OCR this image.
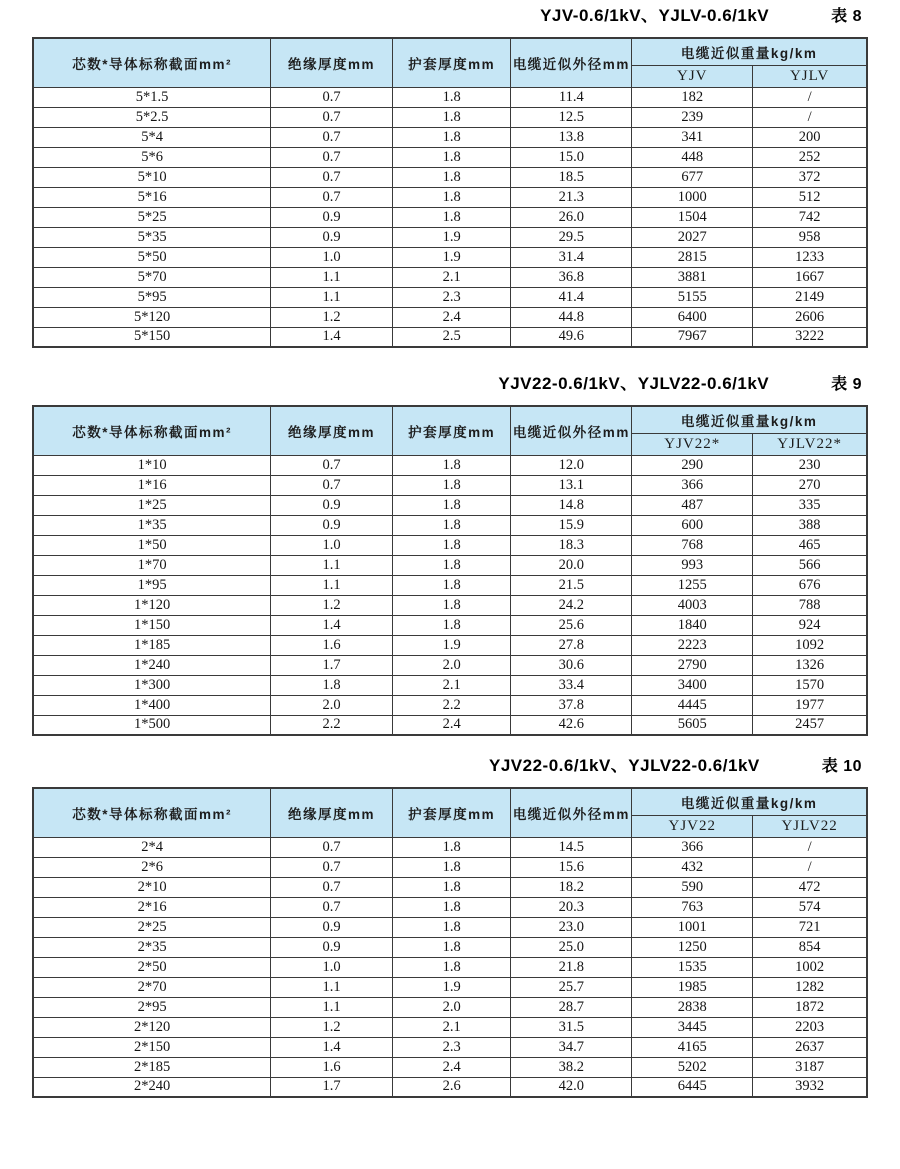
YJV-0.6/1kV、YJLV-0.6/1kV	表 8
芯数*导体标称截面mm²	绝缘厚度mm	护套厚度mm	电缆近似外径mm	电缆近似重量kg/km	
				YJV	YJLV
5*1.5	0.7	1.8	11.4	182	/
5*2.5	0.7	1.8	12.5	239	/
5*4	0.7	1.8	13.8	341	200
5*6	0.7	1.8	15.0	448	252
5*10	0.7	1.8	18.5	677	372
5*16	0.7	1.8	21.3	1000	512
5*25	0.9	1.8	26.0	1504	742
5*35	0.9	1.9	29.5	2027	958
5*50	1.0	1.9	31.4	2815	1233
5*70	1.1	2.1	36.8	3881	1667
5*95	1.1	2.3	41.4	5155	2149
5*120	1.2	2.4	44.8	6400	2606
5*150	1.4	2.5	49.6	7967	3222
YJV22-0.6/1kV、YJLV22-0.6/1kV	表 9
芯数*导体标称截面mm²	绝缘厚度mm	护套厚度mm	电缆近似外径mm	电缆近似重量kg/km	
				YJV22*	YJLV22*
1*10	0.7	1.8	12.0	290	230
1*16	0.7	1.8	13.1	366	270
1*25	0.9	1.8	14.8	487	335
1*35	0.9	1.8	15.9	600	388
1*50	1.0	1.8	18.3	768	465
1*70	1.1	1.8	20.0	993	566
1*95	1.1	1.8	21.5	1255	676
1*120	1.2	1.8	24.2	4003	788
1*150	1.4	1.8	25.6	1840	924
1*185	1.6	1.9	27.8	2223	1092
1*240	1.7	2.0	30.6	2790	1326
1*300	1.8	2.1	33.4	3400	1570
1*400	2.0	2.2	37.8	4445	1977
1*500	2.2	2.4	42.6	5605	2457
YJV22-0.6/1kV、YJLV22-0.6/1kV	表 10
芯数*导体标称截面mm²	绝缘厚度mm	护套厚度mm	电缆近似外径mm	电缆近似重量kg/km	
				YJV22	YJLV22
2*4	0.7	1.8	14.5	366	/
2*6	0.7	1.8	15.6	432	/
2*10	0.7	1.8	18.2	590	472
2*16	0.7	1.8	20.3	763	574
2*25	0.9	1.8	23.0	1001	721
2*35	0.9	1.8	25.0	1250	854
2*50	1.0	1.8	21.8	1535	1002
2*70	1.1	1.9	25.7	1985	1282
2*95	1.1	2.0	28.7	2838	1872
2*120	1.2	2.1	31.5	3445	2203
2*150	1.4	2.3	34.7	4165	2637
2*185	1.6	2.4	38.2	5202	3187
2*240	1.7	2.6	42.0	6445	3932
